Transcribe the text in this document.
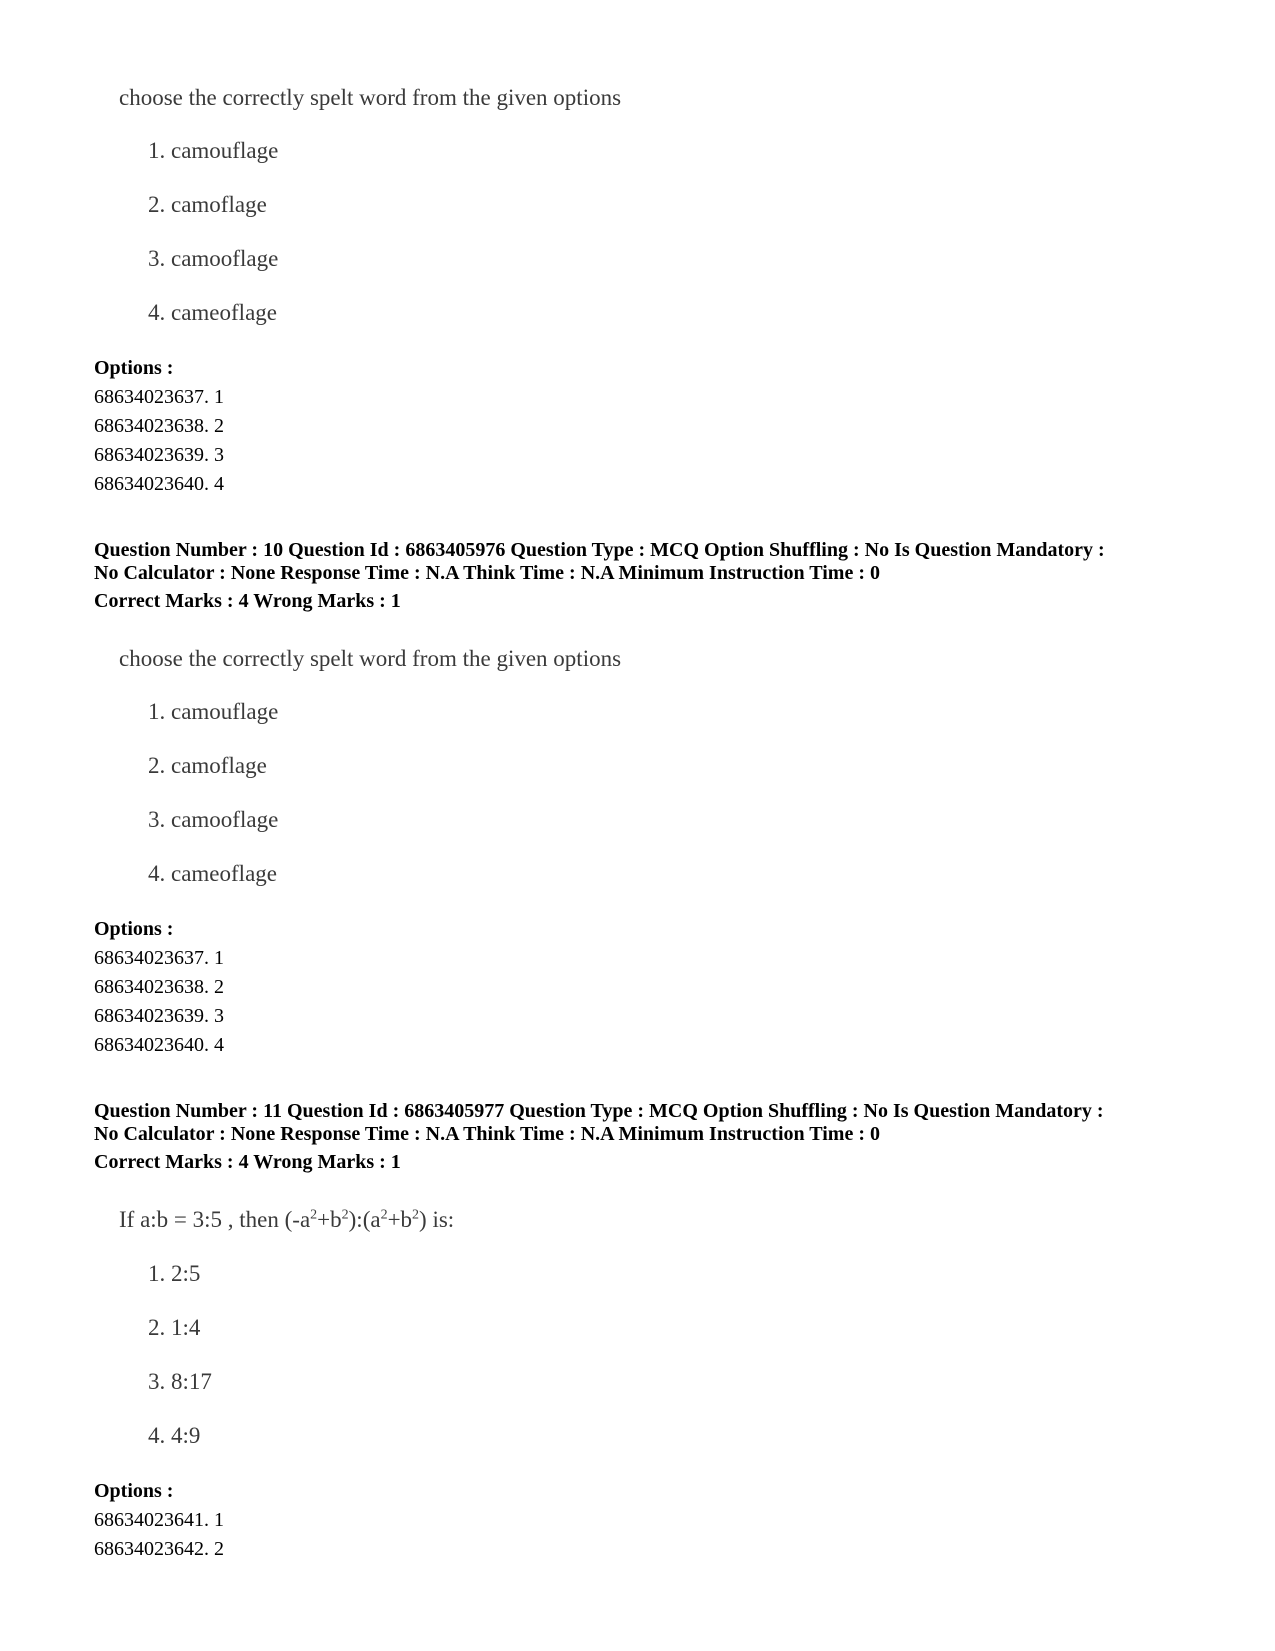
choose the correctly spelt word from the given options
1. camouflage
2. camoflage
3. camooflage
4. cameoflage
Options :
68634023637. 1
68634023638. 2
68634023639. 3
68634023640. 4
Question Number : 10 Question Id : 6863405976 Question Type : MCQ Option Shuffling : No Is Question Mandatory :
No Calculator : None Response Time : N.A Think Time : N.A Minimum Instruction Time : 0
Correct Marks : 4 Wrong Marks : 1
choose the correctly spelt word from the given options
1. camouflage
2. camoflage
3. camooflage
4. cameoflage
Options :
68634023637. 1
68634023638. 2
68634023639. 3
68634023640. 4
Question Number : 11 Question Id : 6863405977 Question Type : MCQ Option Shuffling : No Is Question Mandatory :
No Calculator : None Response Time : N.A Think Time : N.A Minimum Instruction Time : 0
Correct Marks : 4 Wrong Marks : 1
If a:b = 3:5 , then $(-a^2+b^2):(a^2+b^2)$ is:
1. 2:5
2. 1:4
3. 8:17
4. 4:9
Options :
68634023641. 1
68634023642. 2
